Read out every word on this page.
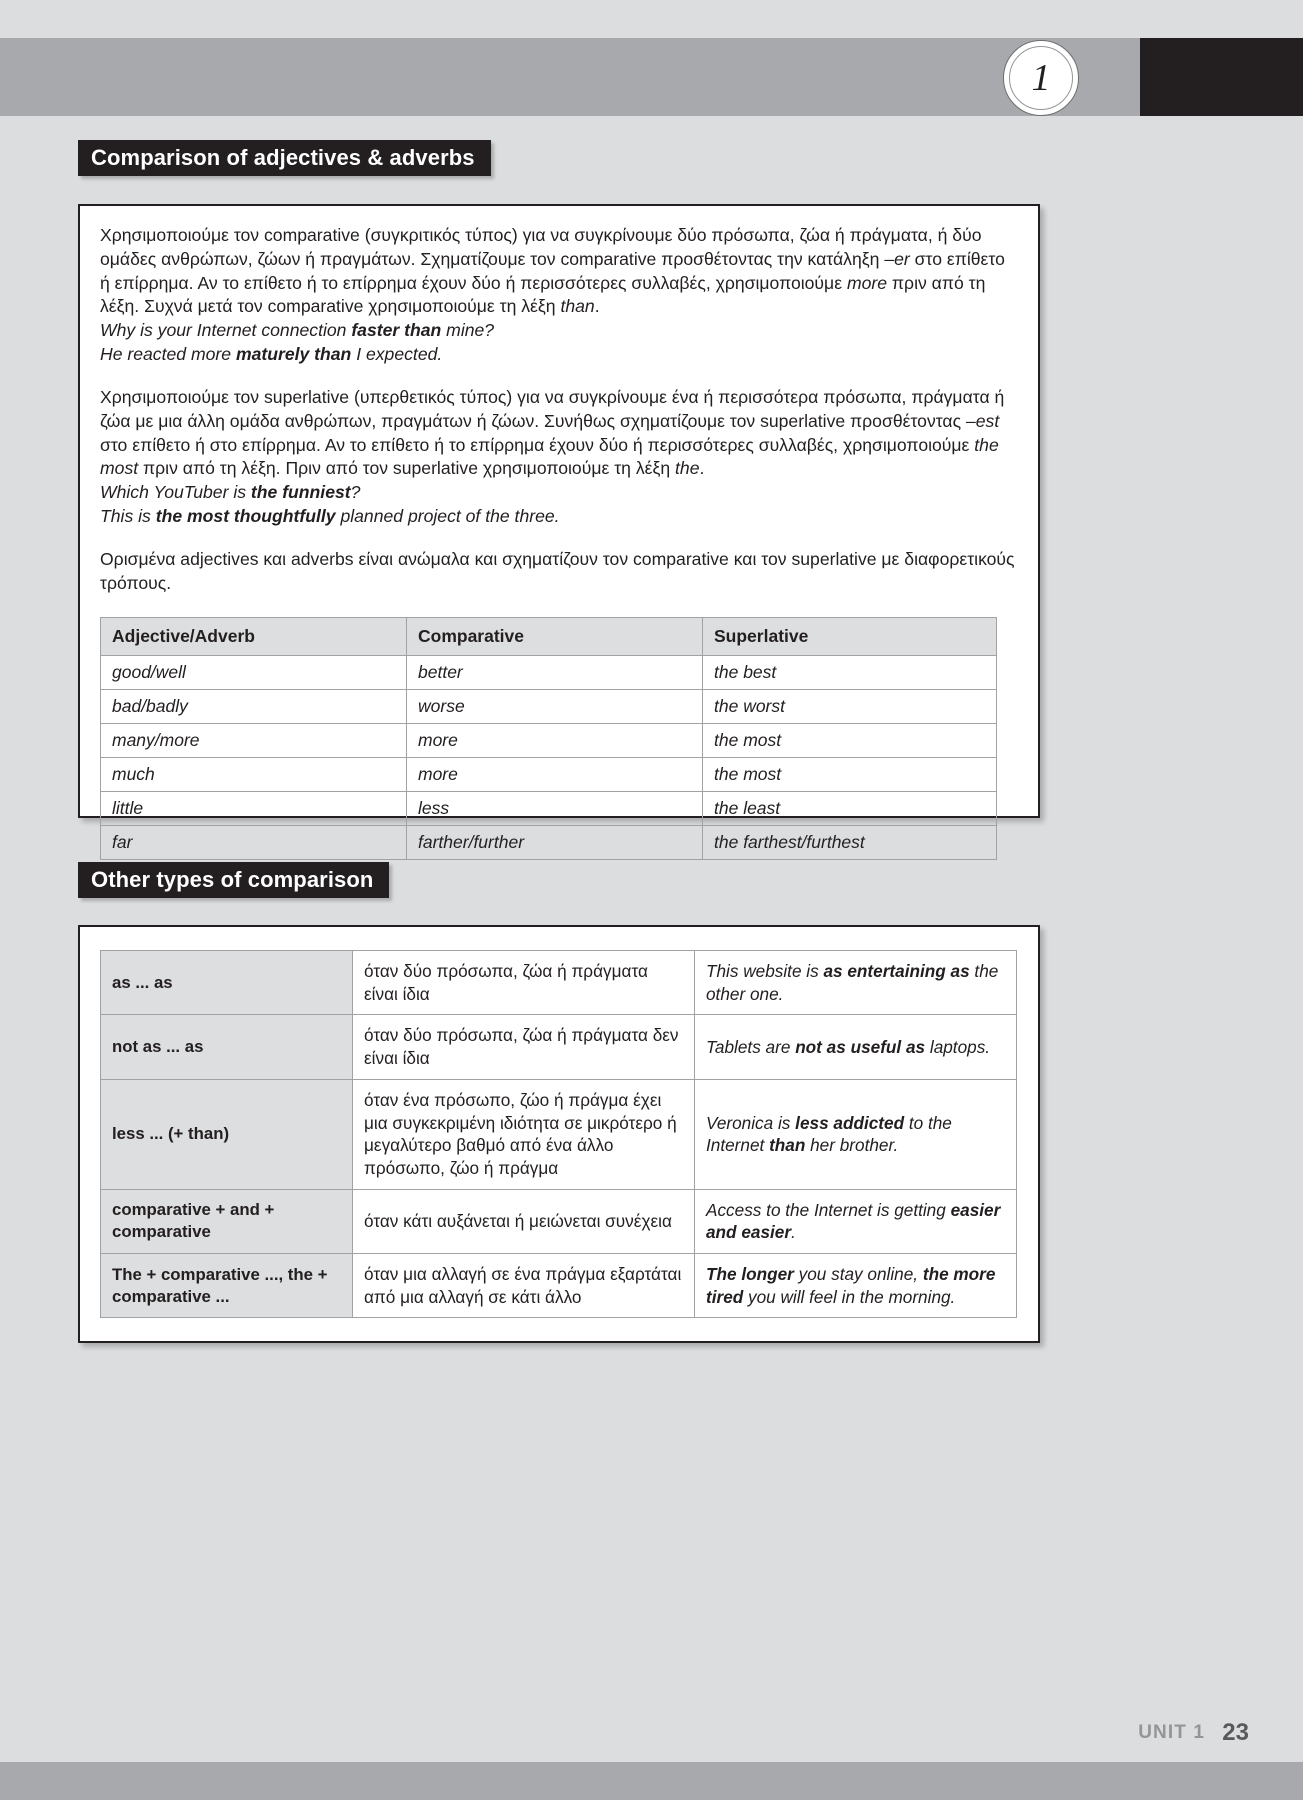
1
Comparison of adjectives & adverbs

Χρησιμοποιούμε τον comparative (συγκριτικός τύπος) για να συγκρίνουμε δύο πρόσωπα, ζώα ή πράγματα, ή δύο ομάδες ανθρώπων, ζώων ή πραγμάτων. Σχηματίζουμε τον comparative προσθέτοντας την κατάληξη –er στο επίθετο ή επίρρημα. Αν το επίθετο ή το επίρρημα έχουν δύο ή περισσότερες συλλαβές, χρησιμοποιούμε more πριν από τη λέξη. Συχνά μετά τον comparative χρησιμοποιούμε τη λέξη than.

Why is your Internet connection faster than mine?
He reacted more maturely than I expected.

Χρησιμοποιούμε τον superlative (υπερθετικός τύπος) για να συγκρίνουμε ένα ή περισσότερα πρόσωπα, πράγματα ή ζώα με μια άλλη ομάδα ανθρώπων, πραγμάτων ή ζώων. Συνήθως σχηματίζουμε τον superlative προσθέτοντας –est στο επίθετο ή στο επίρρημα. Αν το επίθετο ή το επίρρημα έχουν δύο ή περισσότερες συλλαβές, χρησιμοποιούμε the most πριν από τη λέξη. Πριν από τον superlative χρησιμοποιούμε τη λέξη the.

Which YouTuber is the funniest?
This is the most thoughtfully planned project of the three.

Ορισμένα adjectives και adverbs είναι ανώμαλα και σχηματίζουν τον comparative και τον superlative με διαφορετικούς τρόπους.

Adjective/Adverb	Comparative	Superlative
good/well	better	the best
bad/badly	worse	the worst
many/more	more	the most
much	more	the most
little	less	the least
far	farther/further	the farthest/furthest
Other types of comparison
as ... as	όταν δύο πρόσωπα, ζώα ή πράγματα είναι ίδια	This website is as entertaining as the other one.
not as ... as	όταν δύο πρόσωπα, ζώα ή πράγματα δεν είναι ίδια	Tablets are not as useful as laptops.
less ... (+ than)	όταν ένα πρόσωπο, ζώο ή πράγμα έχει μια συγκεκριμένη ιδιότητα σε μικρότερο ή μεγαλύτερο βαθμό από ένα άλλο πρόσωπο, ζώο ή πράγμα	Veronica is less addicted to the Internet than her brother.
comparative + and + comparative	όταν κάτι αυξάνεται ή μειώνεται συνέχεια	Access to the Internet is getting easier and easier.
The + comparative ..., the + comparative ...	όταν μια αλλαγή σε ένα πράγμα εξαρτάται από μια αλλαγή σε κάτι άλλο	The longer you stay online, the more tired you will feel in the morning.
UNIT 1 23
